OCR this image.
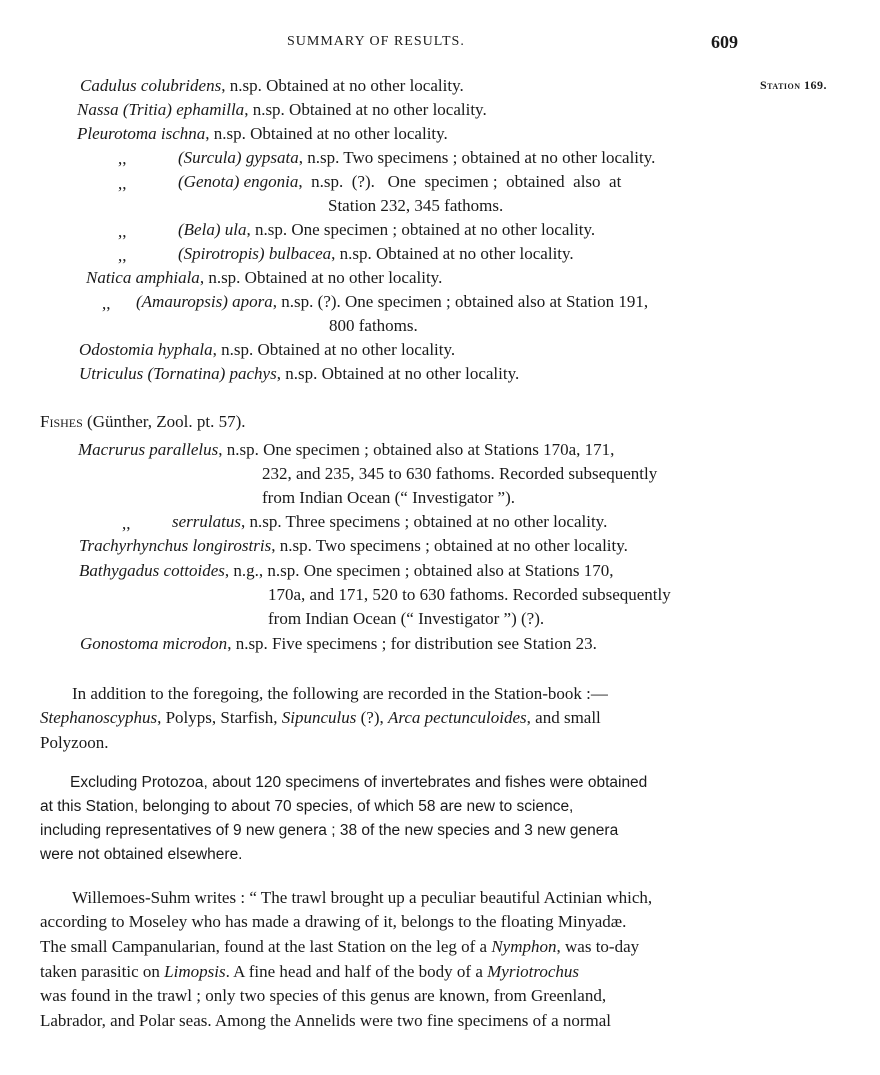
SUMMARY OF RESULTS.	609
Station 169.
Cadulus colubridens, n.sp. Obtained at no other locality.
Nassa (Tritia) ephamilla, n.sp. Obtained at no other locality.
Pleurotoma ischna, n.sp. Obtained at no other locality.
,,	(Surcula) gypsata, n.sp. Two specimens ; obtained at no other locality.
,,	(Genota) engonia,  n.sp.  (?).   One  specimen ;  obtained  also  at
Station 232, 345 fathoms.
,,	(Bela) ula, n.sp. One specimen ; obtained at no other locality.
,,	(Spirotropis) bulbacea, n.sp. Obtained at no other locality.
Natica amphiala, n.sp. Obtained at no other locality.
,, (Amauropsis) apora, n.sp. (?). One specimen ; obtained also at Station 191,
800 fathoms.
Odostomia hyphala, n.sp. Obtained at no other locality.
Utriculus (Tornatina) pachys, n.sp. Obtained at no other locality.
Fishes (Günther, Zool. pt. 57).
Macrurus parallelus, n.sp. One specimen ; obtained also at Stations 170a, 171,
232, and 235, 345 to 630 fathoms. Recorded subsequently
from Indian Ocean (“ Investigator ”).
,, serrulatus, n.sp. Three specimens ; obtained at no other locality.
Trachyrhynchus longirostris, n.sp. Two specimens ; obtained at no other locality.
Bathygadus cottoides, n.g., n.sp. One specimen ; obtained also at Stations 170,
170a, and 171, 520 to 630 fathoms. Recorded subsequently
from Indian Ocean (“ Investigator ”) (?).
Gonostoma microdon, n.sp. Five specimens ; for distribution see Station 23.
In addition to the foregoing, the following are recorded in the Station-book :—
Stephanoscyphus, Polyps, Starfish, Sipunculus (?), Arca pectunculoides, and small
Polyzoon.
Excluding Protozoa, about 120 specimens of invertebrates and fishes were obtained
at this Station, belonging to about 70 species, of which 58 are new to science,
including representatives of 9 new genera ; 38 of the new species and 3 new genera
were not obtained elsewhere.
Willemoes-Suhm writes : “ The trawl brought up a peculiar beautiful Actinian which,
according to Moseley who has made a drawing of it, belongs to the floating Minyadæ.
The small Campanularian, found at the last Station on the leg of a Nymphon, was to-day
taken parasitic on Limopsis. A fine head and half of the body of a Myriotrochus
was found in the trawl ; only two species of this genus are known, from Greenland,
Labrador, and Polar seas. Among the Annelids were two fine specimens of a normal
